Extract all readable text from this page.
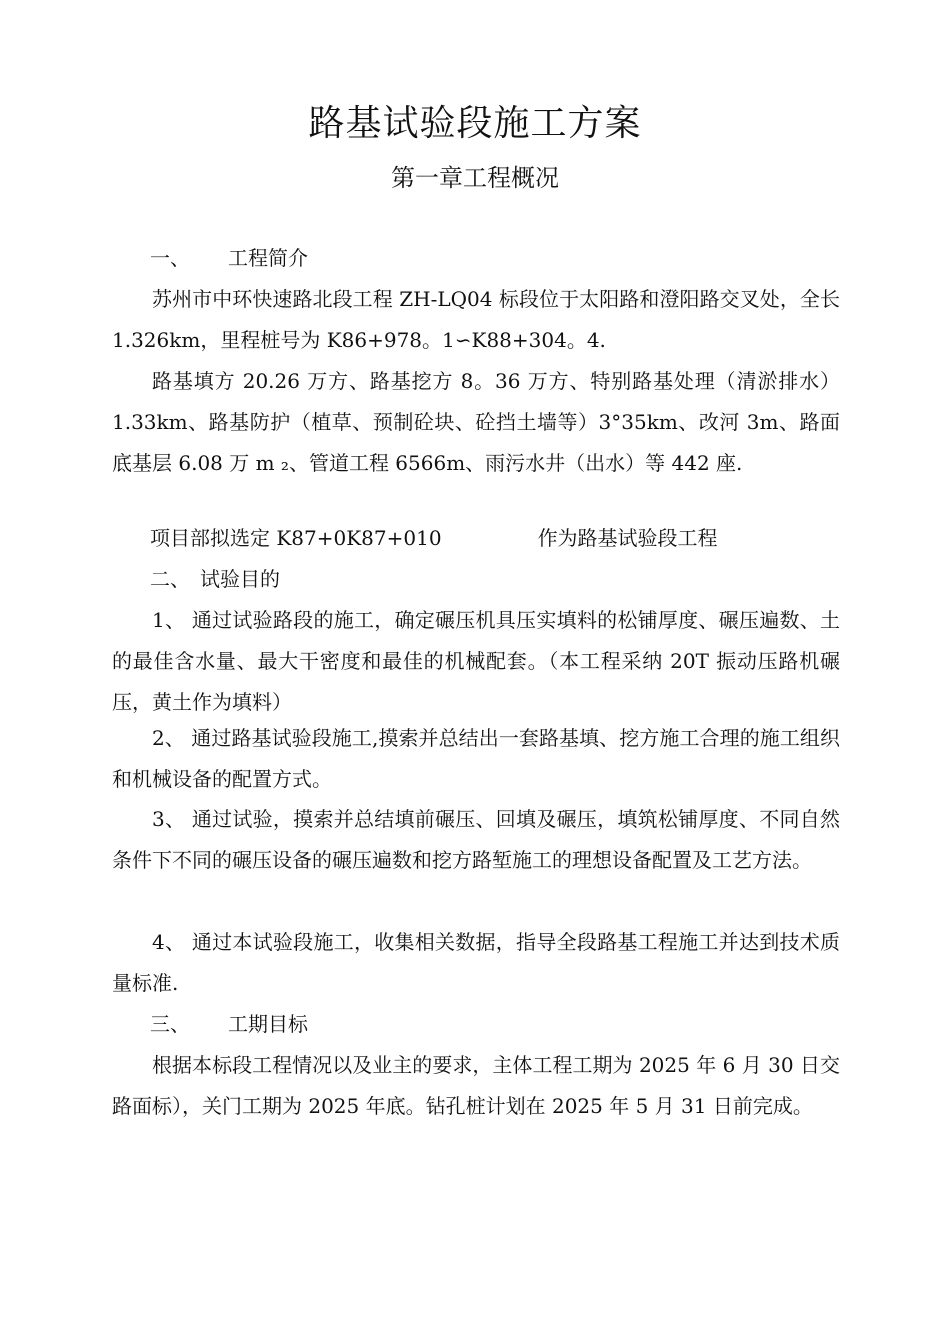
路基试验段施工方案
第一章工程概况
一、 工程简介

苏州市中环快速路北段工程 ZH-LQ04 标段位于太阳路和澄阳路交叉处，全长 1.326km，里程桩号为 K86+978。1∽K88+304。4.

路基填方 20.26 万方、路基挖方 8。36 万方、特别路基处理（清淤排水）1.33km、路基防护（植草、预制砼块、砼挡土墙等）3°35km、改河 3m、路面底基层 6.08 万 m ₂、管道工程 6566m、雨污水井（出水）等 442 座.

项目部拟选定 K87+0K87+010	作为路基试验段工程
二、 试验目的

1、 通过试验路段的施工，确定碾压机具压实填料的松铺厚度、碾压遍数、土的最佳含水量、最大干密度和最佳的机械配套。（本工程采纳 20T 振动压路机碾压，黄土作为填料）

2、 通过路基试验段施工,摸索并总结出一套路基填、挖方施工合理的施工组织和机械设备的配置方式。

3、 通过试验，摸索并总结填前碾压、回填及碾压，填筑松铺厚度、不同自然条件下不同的碾压设备的碾压遍数和挖方路堑施工的理想设备配置及工艺方法。

4、 通过本试验段施工，收集相关数据，指导全段路基工程施工并达到技术质量标准.

三、 工期目标

根据本标段工程情况以及业主的要求，主体工程工期为 2025 年 6 月 30 日交路面标），关门工期为 2025 年底。钻孔桩计划在 2025 年 5 月 31 日前完成。
